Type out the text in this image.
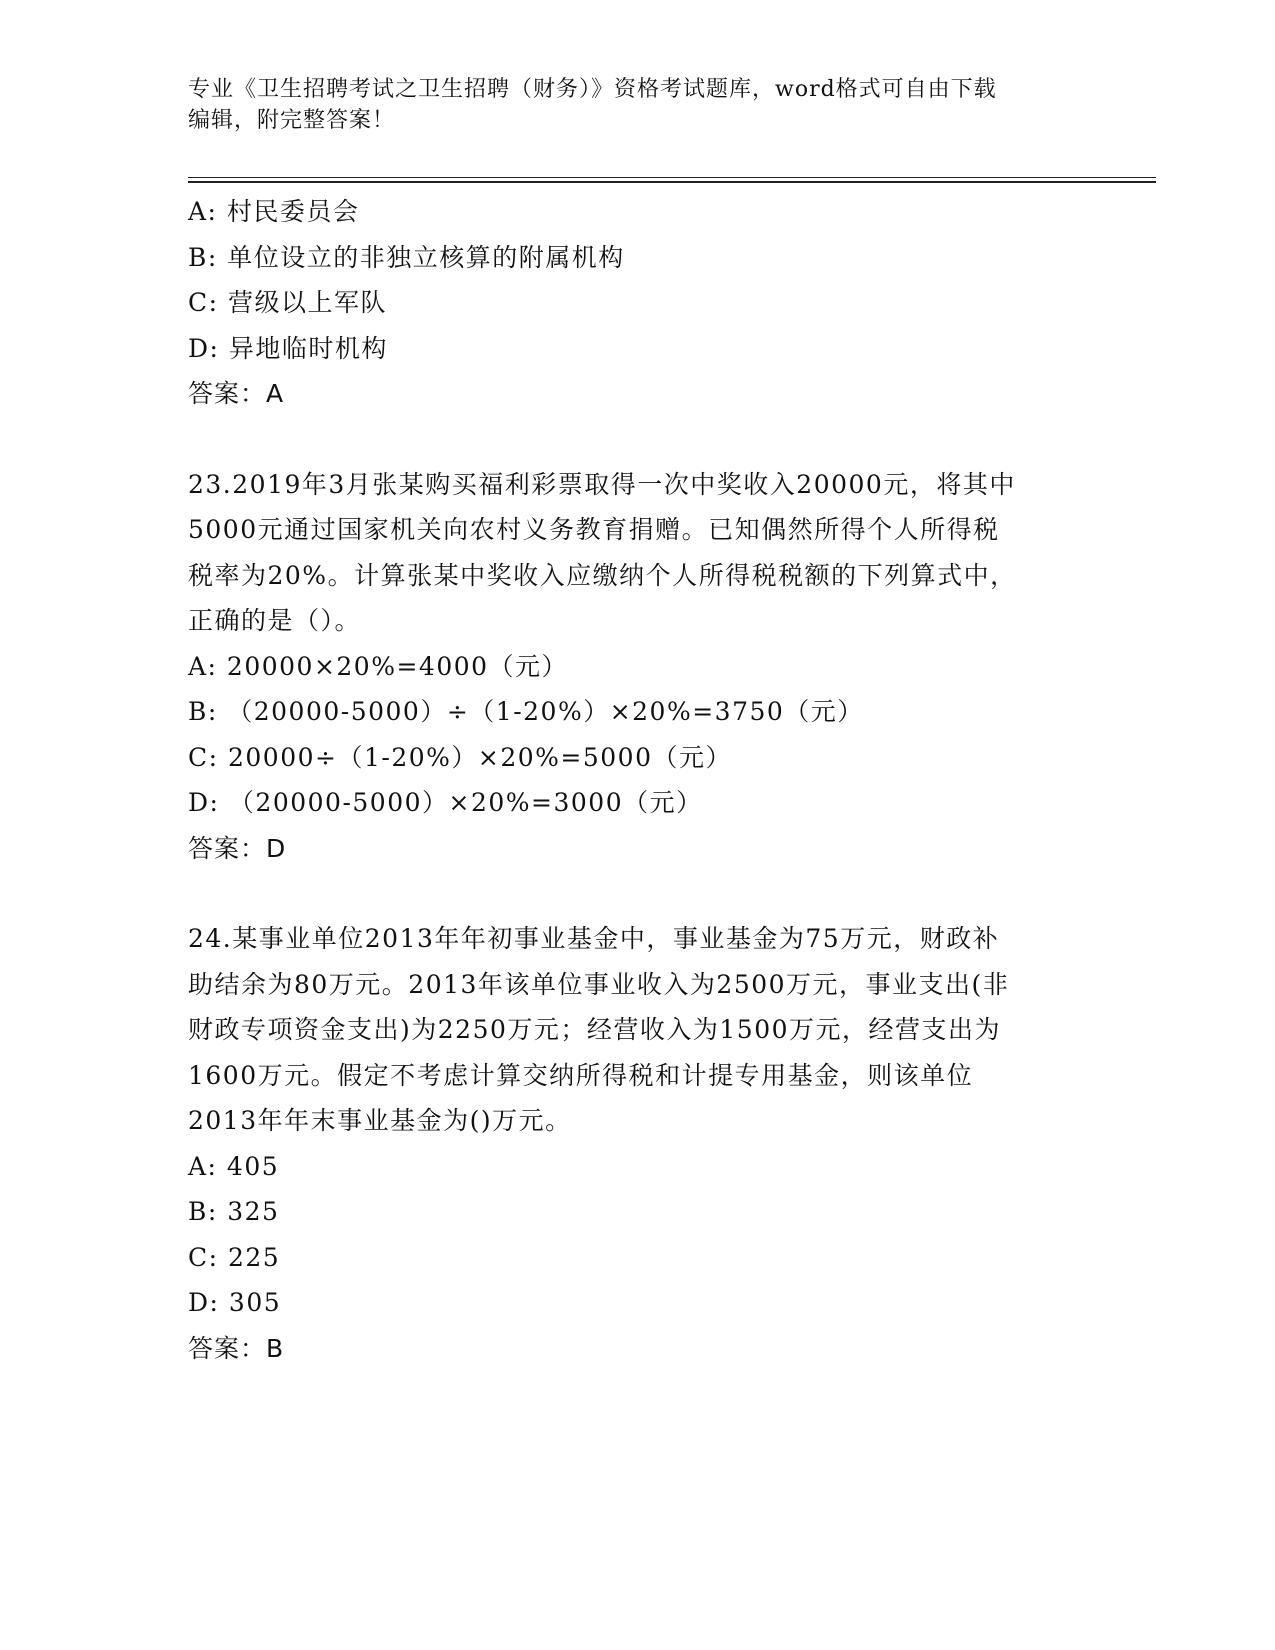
专业《卫生招聘考试之卫生招聘（财务）》资格考试题库，word格式可自由下载
编辑，附完整答案！
A: 村民委员会
B: 单位设立的非独立核算的附属机构
C: 营级以上军队
D: 异地临时机构
答案：A
23.2019年3月张某购买福利彩票取得一次中奖收入20000元，将其中
5000元通过国家机关向农村义务教育捐赠。已知偶然所得个人所得税
税率为20%。计算张某中奖收入应缴纳个人所得税税额的下列算式中，
正确的是（）。
A: 20000×20%=4000（元）
B: （20000-5000）÷（1-20%）×20%=3750（元）
C: 20000÷（1-20%）×20%=5000（元）
D: （20000-5000）×20%=3000（元）
答案：D
24.某事业单位2013年年初事业基金中，事业基金为75万元，财政补
助结余为80万元。2013年该单位事业收入为2500万元，事业支出(非
财政专项资金支出)为2250万元；经营收入为1500万元，经营支出为
1600万元。假定不考虑计算交纳所得税和计提专用基金，则该单位
2013年年末事业基金为()万元。
A: 405
B: 325
C: 225
D: 305
答案：B
